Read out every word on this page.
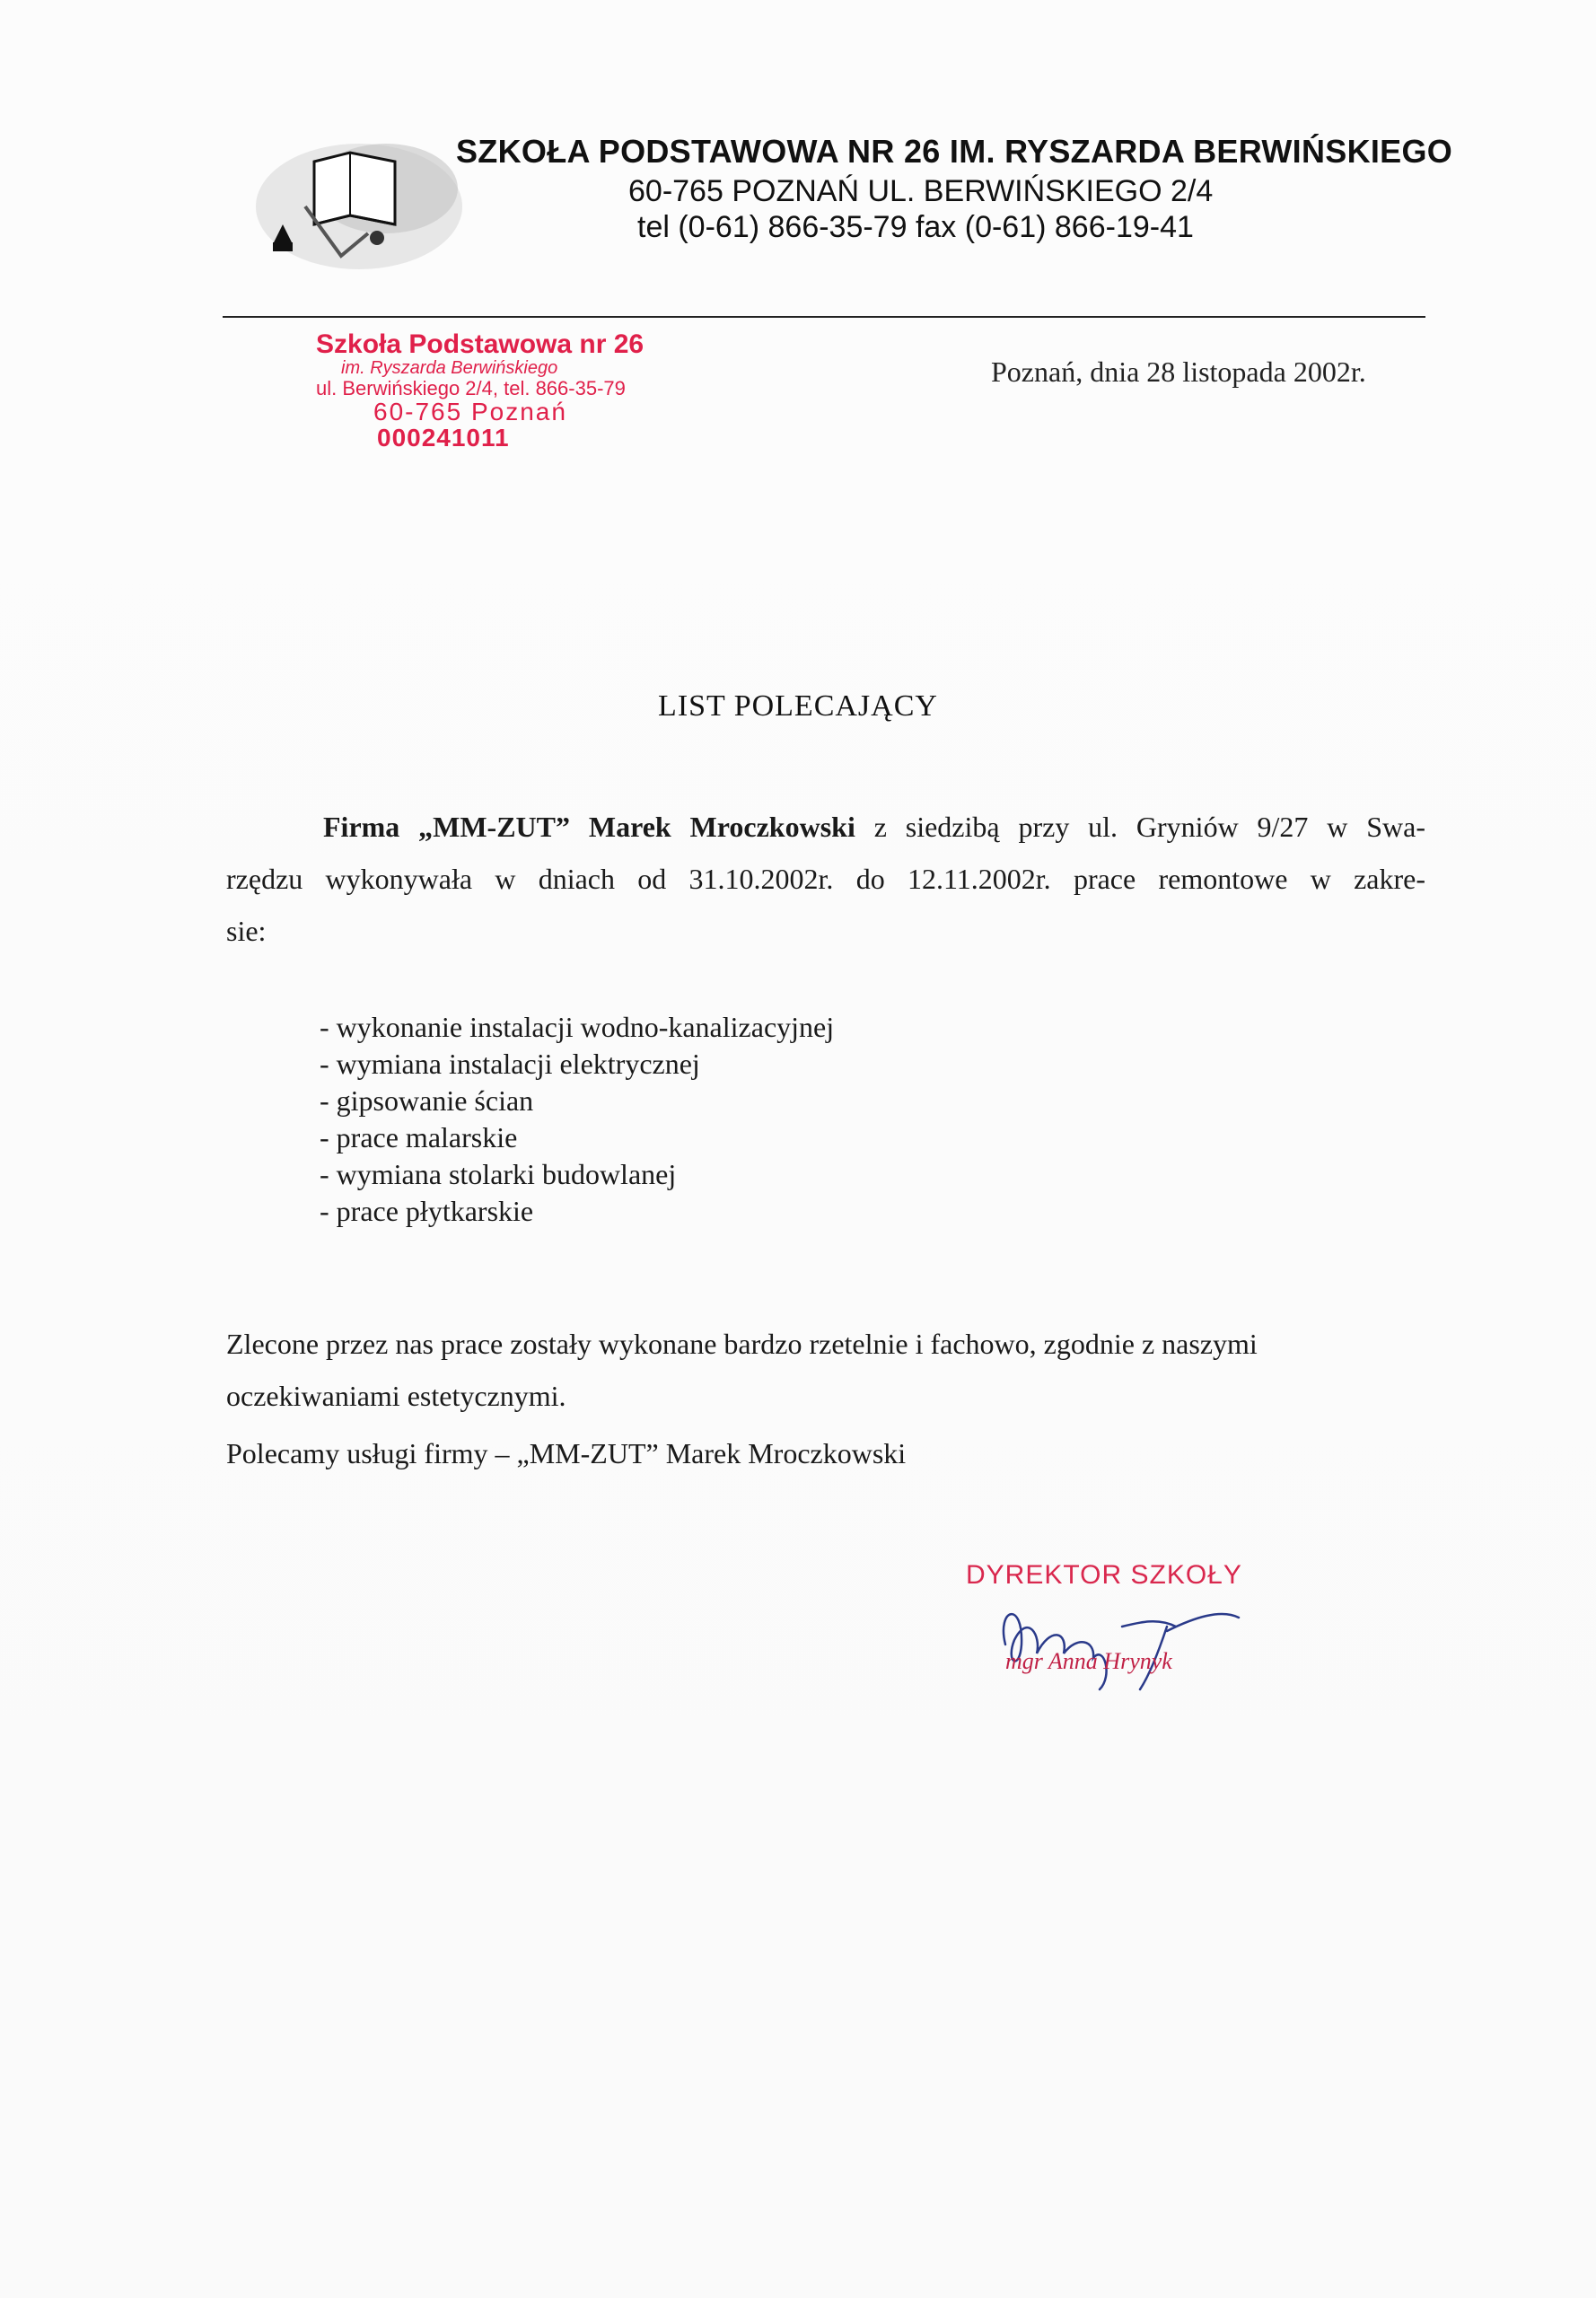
SZKOŁA PODSTAWOWA NR 26 IM. RYSZARDA BERWIŃSKIEGO
60-765 POZNAŃ UL. BERWIŃSKIEGO 2/4
tel (0-61) 866-35-79 fax (0-61) 866-19-41
Szkoła Podstawowa nr 26
im. Ryszarda Berwińskiego
ul. Berwińskiego 2/4, tel. 866-35-79
60-765 Poznań
000241011
Poznań, dnia 28 listopada 2002r.
LIST POLECAJĄCY
Firma „MM-ZUT” Marek Mroczkowski z siedzibą przy ul. Gryniów 9/27 w Swa-
rzędzu wykonywała w dniach od 31.10.2002r. do 12.11.2002r. prace remontowe w zakre-
sie:
- wykonanie instalacji wodno-kanalizacyjnej
- wymiana instalacji elektrycznej
- gipsowanie ścian
- prace malarskie
- wymiana stolarki budowlanej
- prace płytkarskie
Zlecone przez nas prace zostały wykonane bardzo rzetelnie i fachowo, zgodnie z naszymi
oczekiwaniami estetycznymi.
Polecamy usługi firmy – „MM-ZUT” Marek Mroczkowski
DYREKTOR SZKOŁY
mgr Anna Hrynyk
